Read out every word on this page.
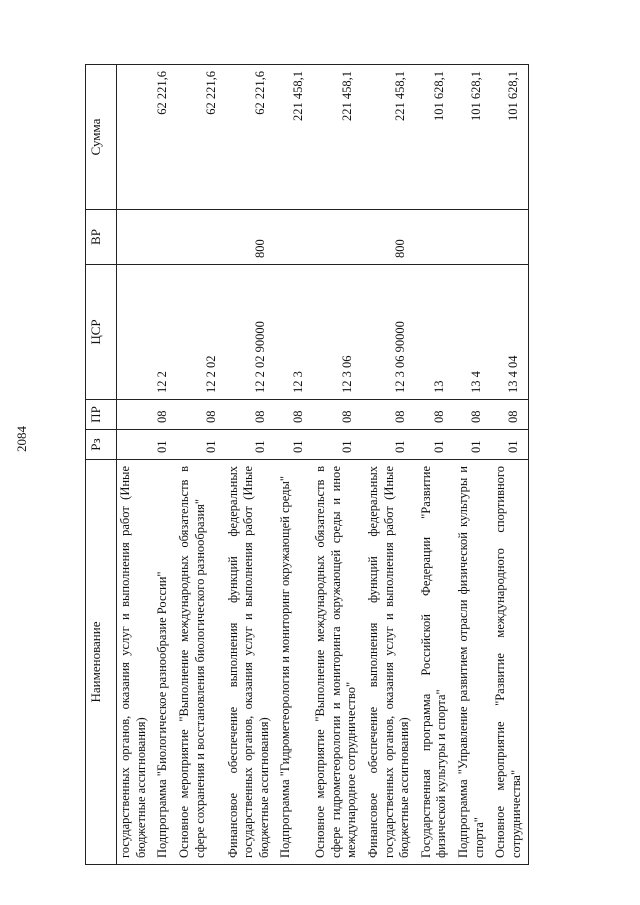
2084
Наименование	Рз	ПР	ЦСР	ВР	Сумма
государственных органов, оказания услуг и выполнения работ (Иные бюджетные ассигнования)					
Подпрограмма "Биологическое разнообразие России"	01	08	12 2		62 221,6
Основное мероприятие "Выполнение международных обязательств в сфере сохранения и восстановления биологического разнообразия"	01	08	12 2 02		62 221,6
Финансовое обеспечение выполнения функций федеральных государственных органов, оказания услуг и выполнения работ (Иные бюджетные ассигнования)	01	08	12 2 02 90000	800	62 221,6
Подпрограмма "Гидрометеорология и мониторинг окружающей среды"	01	08	12 3		221 458,1
Основное мероприятие "Выполнение международных обязательств в сфере гидрометеорологии и мониторинга окружающей среды и иное международное сотрудничество"	01	08	12 3 06		221 458,1
Финансовое обеспечение выполнения функций федеральных государственных органов, оказания услуг и выполнения работ (Иные бюджетные ассигнования)	01	08	12 3 06 90000	800	221 458,1
Государственная программа Российской Федерации "Развитие физической культуры и спорта"	01	08	13		101 628,1
Подпрограмма "Управление развитием отрасли физической культуры и спорта"	01	08	13 4		101 628,1
Основное мероприятие "Развитие международного спортивного сотрудничества"	01	08	13 4 04		101 628,1
